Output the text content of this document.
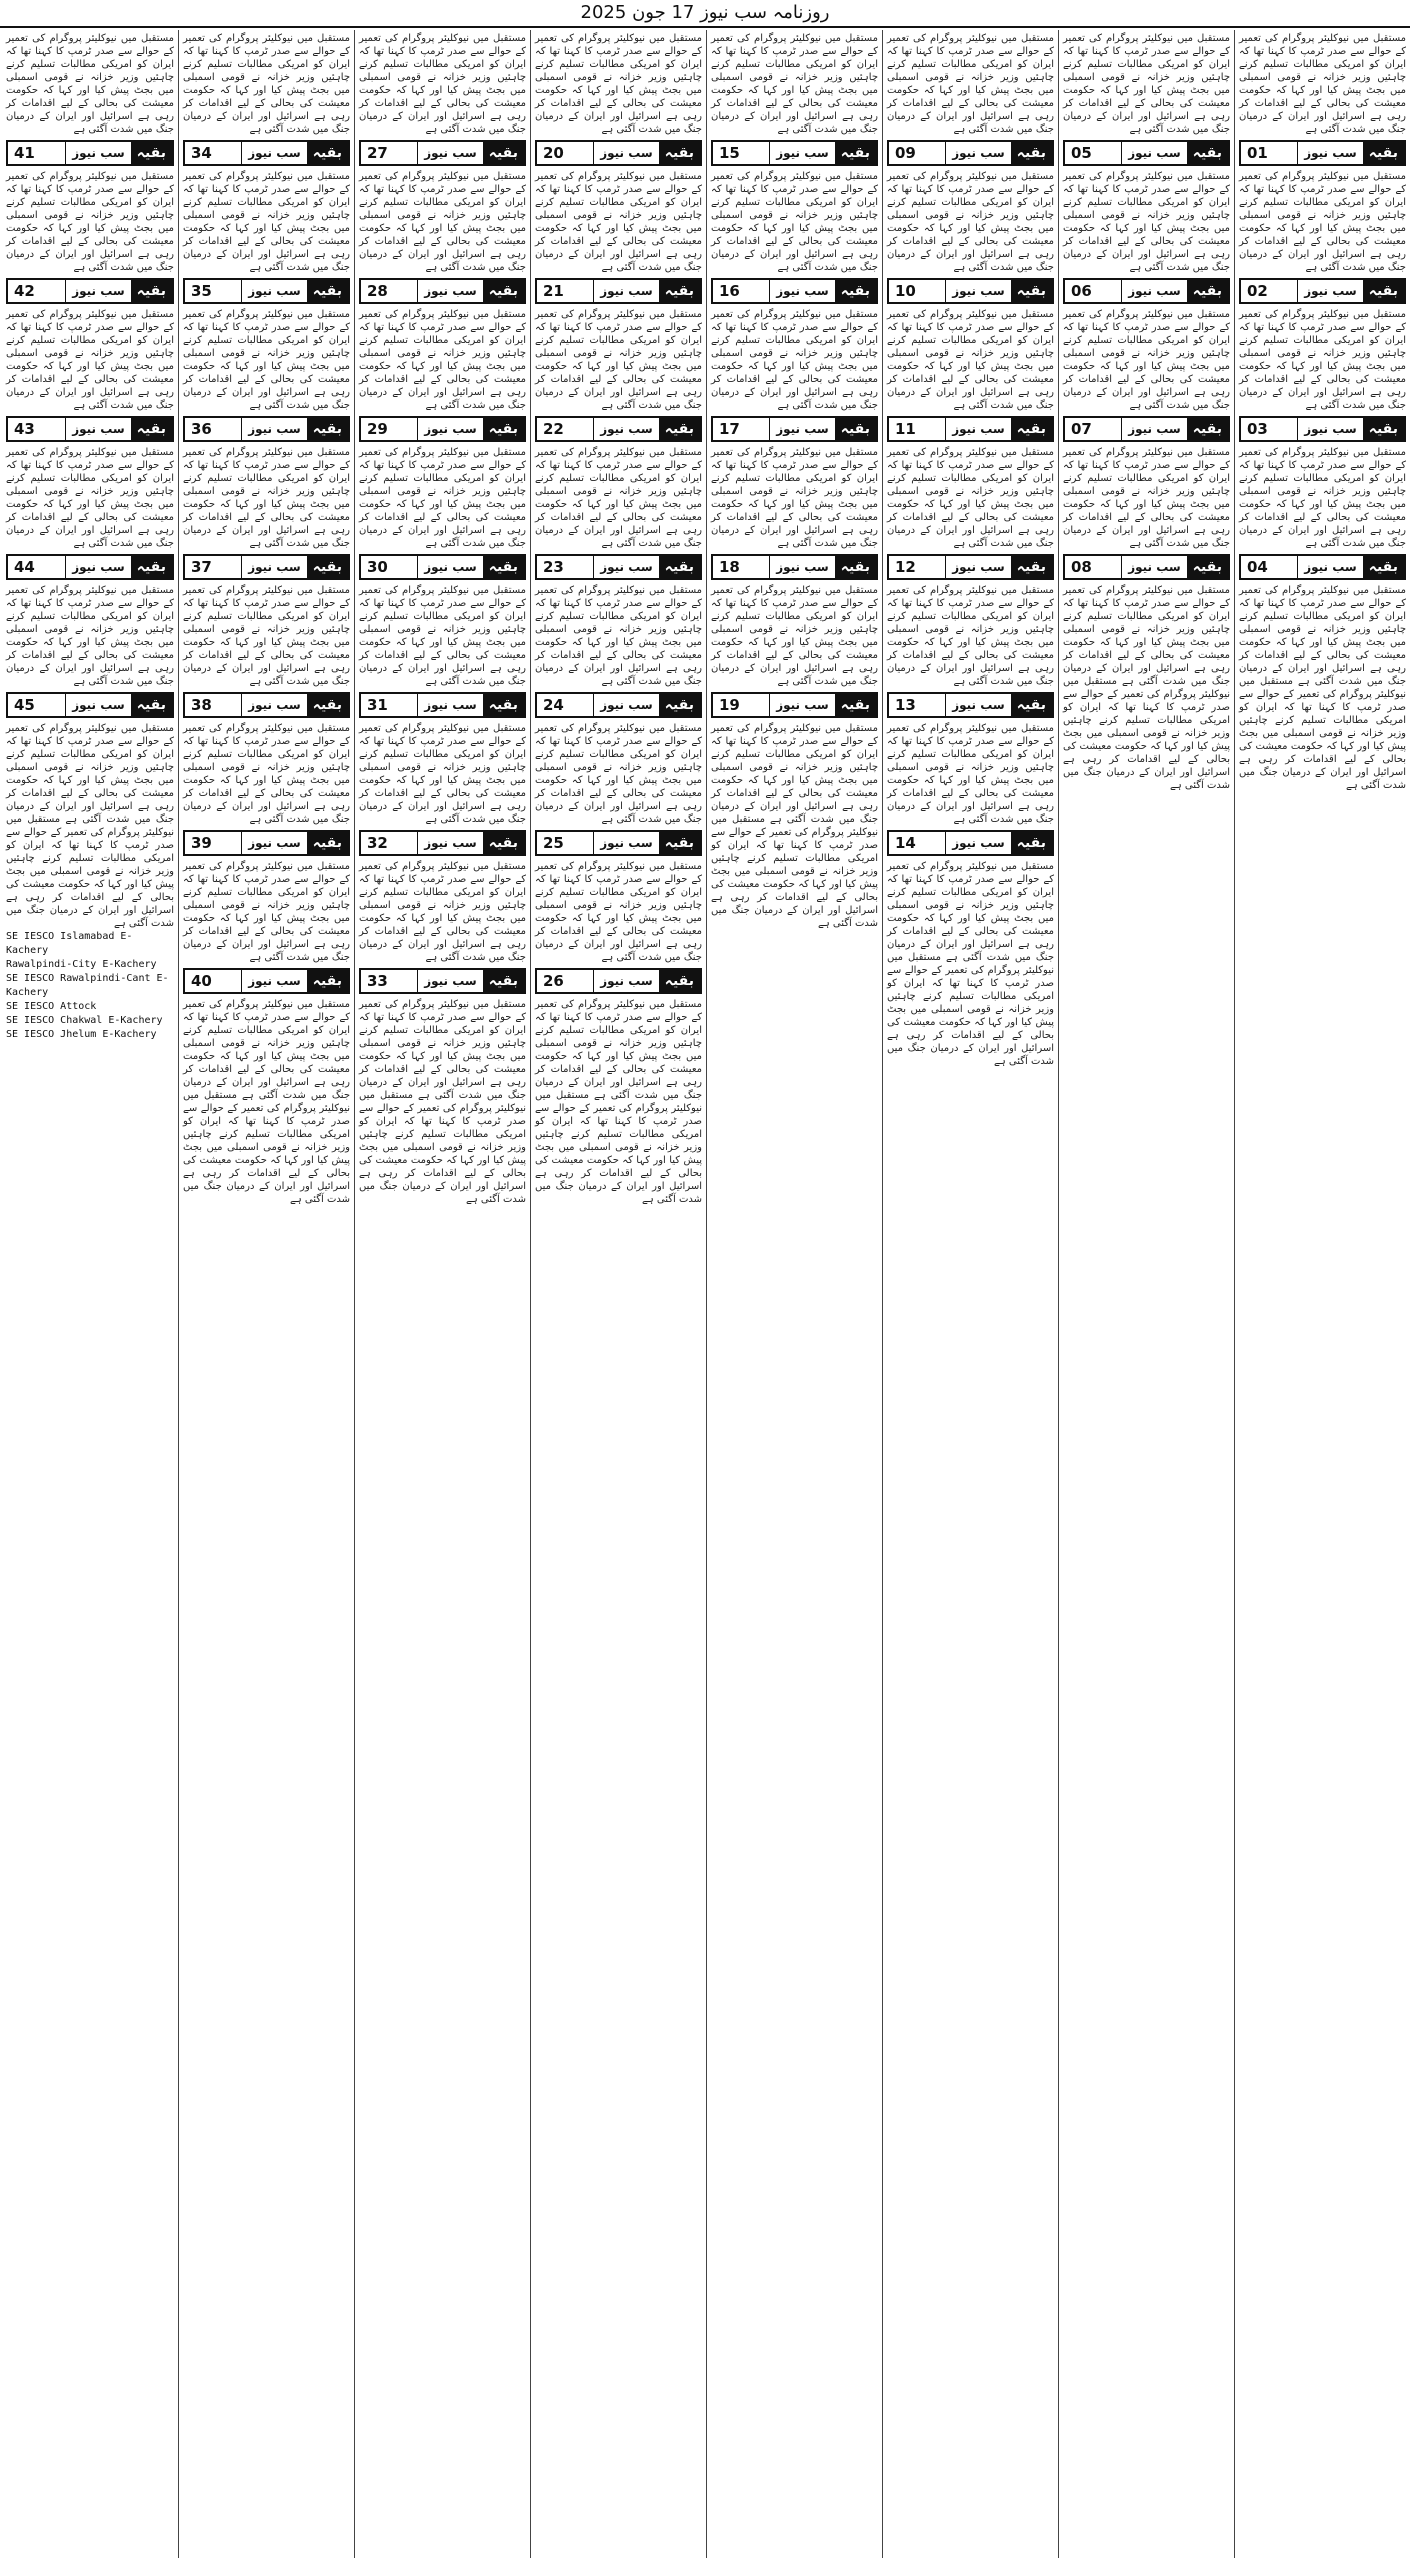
روزنامہ سب نیوز 17 جون 2025
مستقبل میں نیوکلیئر پروگرام کی تعمیر کے حوالے سے صدر ٹرمپ کا کہنا تھا کہ ایران کو امریکی مطالبات تسلیم کرنے چاہئیں وزیر خزانہ نے قومی اسمبلی میں بجٹ پیش کیا اور کہا کہ حکومت معیشت کی بحالی کے لیے اقدامات کر رہی ہے اسرائیل اور ایران کے درمیان جنگ میں شدت آگئی ہے
بقیہ
سب نیوز
01
مستقبل میں نیوکلیئر پروگرام کی تعمیر کے حوالے سے صدر ٹرمپ کا کہنا تھا کہ ایران کو امریکی مطالبات تسلیم کرنے چاہئیں وزیر خزانہ نے قومی اسمبلی میں بجٹ پیش کیا اور کہا کہ حکومت معیشت کی بحالی کے لیے اقدامات کر رہی ہے اسرائیل اور ایران کے درمیان جنگ میں شدت آگئی ہے
بقیہ
سب نیوز
02
مستقبل میں نیوکلیئر پروگرام کی تعمیر کے حوالے سے صدر ٹرمپ کا کہنا تھا کہ ایران کو امریکی مطالبات تسلیم کرنے چاہئیں وزیر خزانہ نے قومی اسمبلی میں بجٹ پیش کیا اور کہا کہ حکومت معیشت کی بحالی کے لیے اقدامات کر رہی ہے اسرائیل اور ایران کے درمیان جنگ میں شدت آگئی ہے
بقیہ
سب نیوز
03
مستقبل میں نیوکلیئر پروگرام کی تعمیر کے حوالے سے صدر ٹرمپ کا کہنا تھا کہ ایران کو امریکی مطالبات تسلیم کرنے چاہئیں وزیر خزانہ نے قومی اسمبلی میں بجٹ پیش کیا اور کہا کہ حکومت معیشت کی بحالی کے لیے اقدامات کر رہی ہے اسرائیل اور ایران کے درمیان جنگ میں شدت آگئی ہے
بقیہ
سب نیوز
04
مستقبل میں نیوکلیئر پروگرام کی تعمیر کے حوالے سے صدر ٹرمپ کا کہنا تھا کہ ایران کو امریکی مطالبات تسلیم کرنے چاہئیں وزیر خزانہ نے قومی اسمبلی میں بجٹ پیش کیا اور کہا کہ حکومت معیشت کی بحالی کے لیے اقدامات کر رہی ہے اسرائیل اور ایران کے درمیان جنگ میں شدت آگئی ہے مستقبل میں نیوکلیئر پروگرام کی تعمیر کے حوالے سے صدر ٹرمپ کا کہنا تھا کہ ایران کو امریکی مطالبات تسلیم کرنے چاہئیں وزیر خزانہ نے قومی اسمبلی میں بجٹ پیش کیا اور کہا کہ حکومت معیشت کی بحالی کے لیے اقدامات کر رہی ہے اسرائیل اور ایران کے درمیان جنگ میں شدت آگئی ہے
مستقبل میں نیوکلیئر پروگرام کی تعمیر کے حوالے سے صدر ٹرمپ کا کہنا تھا کہ ایران کو امریکی مطالبات تسلیم کرنے چاہئیں وزیر خزانہ نے قومی اسمبلی میں بجٹ پیش کیا اور کہا کہ حکومت معیشت کی بحالی کے لیے اقدامات کر رہی ہے اسرائیل اور ایران کے درمیان جنگ میں شدت آگئی ہے
بقیہ
سب نیوز
05
مستقبل میں نیوکلیئر پروگرام کی تعمیر کے حوالے سے صدر ٹرمپ کا کہنا تھا کہ ایران کو امریکی مطالبات تسلیم کرنے چاہئیں وزیر خزانہ نے قومی اسمبلی میں بجٹ پیش کیا اور کہا کہ حکومت معیشت کی بحالی کے لیے اقدامات کر رہی ہے اسرائیل اور ایران کے درمیان جنگ میں شدت آگئی ہے
بقیہ
سب نیوز
06
مستقبل میں نیوکلیئر پروگرام کی تعمیر کے حوالے سے صدر ٹرمپ کا کہنا تھا کہ ایران کو امریکی مطالبات تسلیم کرنے چاہئیں وزیر خزانہ نے قومی اسمبلی میں بجٹ پیش کیا اور کہا کہ حکومت معیشت کی بحالی کے لیے اقدامات کر رہی ہے اسرائیل اور ایران کے درمیان جنگ میں شدت آگئی ہے
بقیہ
سب نیوز
07
مستقبل میں نیوکلیئر پروگرام کی تعمیر کے حوالے سے صدر ٹرمپ کا کہنا تھا کہ ایران کو امریکی مطالبات تسلیم کرنے چاہئیں وزیر خزانہ نے قومی اسمبلی میں بجٹ پیش کیا اور کہا کہ حکومت معیشت کی بحالی کے لیے اقدامات کر رہی ہے اسرائیل اور ایران کے درمیان جنگ میں شدت آگئی ہے
بقیہ
سب نیوز
08
مستقبل میں نیوکلیئر پروگرام کی تعمیر کے حوالے سے صدر ٹرمپ کا کہنا تھا کہ ایران کو امریکی مطالبات تسلیم کرنے چاہئیں وزیر خزانہ نے قومی اسمبلی میں بجٹ پیش کیا اور کہا کہ حکومت معیشت کی بحالی کے لیے اقدامات کر رہی ہے اسرائیل اور ایران کے درمیان جنگ میں شدت آگئی ہے مستقبل میں نیوکلیئر پروگرام کی تعمیر کے حوالے سے صدر ٹرمپ کا کہنا تھا کہ ایران کو امریکی مطالبات تسلیم کرنے چاہئیں وزیر خزانہ نے قومی اسمبلی میں بجٹ پیش کیا اور کہا کہ حکومت معیشت کی بحالی کے لیے اقدامات کر رہی ہے اسرائیل اور ایران کے درمیان جنگ میں شدت آگئی ہے
مستقبل میں نیوکلیئر پروگرام کی تعمیر کے حوالے سے صدر ٹرمپ کا کہنا تھا کہ ایران کو امریکی مطالبات تسلیم کرنے چاہئیں وزیر خزانہ نے قومی اسمبلی میں بجٹ پیش کیا اور کہا کہ حکومت معیشت کی بحالی کے لیے اقدامات کر رہی ہے اسرائیل اور ایران کے درمیان جنگ میں شدت آگئی ہے
بقیہ
سب نیوز
09
مستقبل میں نیوکلیئر پروگرام کی تعمیر کے حوالے سے صدر ٹرمپ کا کہنا تھا کہ ایران کو امریکی مطالبات تسلیم کرنے چاہئیں وزیر خزانہ نے قومی اسمبلی میں بجٹ پیش کیا اور کہا کہ حکومت معیشت کی بحالی کے لیے اقدامات کر رہی ہے اسرائیل اور ایران کے درمیان جنگ میں شدت آگئی ہے
بقیہ
سب نیوز
10
مستقبل میں نیوکلیئر پروگرام کی تعمیر کے حوالے سے صدر ٹرمپ کا کہنا تھا کہ ایران کو امریکی مطالبات تسلیم کرنے چاہئیں وزیر خزانہ نے قومی اسمبلی میں بجٹ پیش کیا اور کہا کہ حکومت معیشت کی بحالی کے لیے اقدامات کر رہی ہے اسرائیل اور ایران کے درمیان جنگ میں شدت آگئی ہے
بقیہ
سب نیوز
11
مستقبل میں نیوکلیئر پروگرام کی تعمیر کے حوالے سے صدر ٹرمپ کا کہنا تھا کہ ایران کو امریکی مطالبات تسلیم کرنے چاہئیں وزیر خزانہ نے قومی اسمبلی میں بجٹ پیش کیا اور کہا کہ حکومت معیشت کی بحالی کے لیے اقدامات کر رہی ہے اسرائیل اور ایران کے درمیان جنگ میں شدت آگئی ہے
بقیہ
سب نیوز
12
مستقبل میں نیوکلیئر پروگرام کی تعمیر کے حوالے سے صدر ٹرمپ کا کہنا تھا کہ ایران کو امریکی مطالبات تسلیم کرنے چاہئیں وزیر خزانہ نے قومی اسمبلی میں بجٹ پیش کیا اور کہا کہ حکومت معیشت کی بحالی کے لیے اقدامات کر رہی ہے اسرائیل اور ایران کے درمیان جنگ میں شدت آگئی ہے
بقیہ
سب نیوز
13
مستقبل میں نیوکلیئر پروگرام کی تعمیر کے حوالے سے صدر ٹرمپ کا کہنا تھا کہ ایران کو امریکی مطالبات تسلیم کرنے چاہئیں وزیر خزانہ نے قومی اسمبلی میں بجٹ پیش کیا اور کہا کہ حکومت معیشت کی بحالی کے لیے اقدامات کر رہی ہے اسرائیل اور ایران کے درمیان جنگ میں شدت آگئی ہے
بقیہ
سب نیوز
14
مستقبل میں نیوکلیئر پروگرام کی تعمیر کے حوالے سے صدر ٹرمپ کا کہنا تھا کہ ایران کو امریکی مطالبات تسلیم کرنے چاہئیں وزیر خزانہ نے قومی اسمبلی میں بجٹ پیش کیا اور کہا کہ حکومت معیشت کی بحالی کے لیے اقدامات کر رہی ہے اسرائیل اور ایران کے درمیان جنگ میں شدت آگئی ہے مستقبل میں نیوکلیئر پروگرام کی تعمیر کے حوالے سے صدر ٹرمپ کا کہنا تھا کہ ایران کو امریکی مطالبات تسلیم کرنے چاہئیں وزیر خزانہ نے قومی اسمبلی میں بجٹ پیش کیا اور کہا کہ حکومت معیشت کی بحالی کے لیے اقدامات کر رہی ہے اسرائیل اور ایران کے درمیان جنگ میں شدت آگئی ہے
مستقبل میں نیوکلیئر پروگرام کی تعمیر کے حوالے سے صدر ٹرمپ کا کہنا تھا کہ ایران کو امریکی مطالبات تسلیم کرنے چاہئیں وزیر خزانہ نے قومی اسمبلی میں بجٹ پیش کیا اور کہا کہ حکومت معیشت کی بحالی کے لیے اقدامات کر رہی ہے اسرائیل اور ایران کے درمیان جنگ میں شدت آگئی ہے
بقیہ
سب نیوز
15
مستقبل میں نیوکلیئر پروگرام کی تعمیر کے حوالے سے صدر ٹرمپ کا کہنا تھا کہ ایران کو امریکی مطالبات تسلیم کرنے چاہئیں وزیر خزانہ نے قومی اسمبلی میں بجٹ پیش کیا اور کہا کہ حکومت معیشت کی بحالی کے لیے اقدامات کر رہی ہے اسرائیل اور ایران کے درمیان جنگ میں شدت آگئی ہے
بقیہ
سب نیوز
16
مستقبل میں نیوکلیئر پروگرام کی تعمیر کے حوالے سے صدر ٹرمپ کا کہنا تھا کہ ایران کو امریکی مطالبات تسلیم کرنے چاہئیں وزیر خزانہ نے قومی اسمبلی میں بجٹ پیش کیا اور کہا کہ حکومت معیشت کی بحالی کے لیے اقدامات کر رہی ہے اسرائیل اور ایران کے درمیان جنگ میں شدت آگئی ہے
بقیہ
سب نیوز
17
مستقبل میں نیوکلیئر پروگرام کی تعمیر کے حوالے سے صدر ٹرمپ کا کہنا تھا کہ ایران کو امریکی مطالبات تسلیم کرنے چاہئیں وزیر خزانہ نے قومی اسمبلی میں بجٹ پیش کیا اور کہا کہ حکومت معیشت کی بحالی کے لیے اقدامات کر رہی ہے اسرائیل اور ایران کے درمیان جنگ میں شدت آگئی ہے
بقیہ
سب نیوز
18
مستقبل میں نیوکلیئر پروگرام کی تعمیر کے حوالے سے صدر ٹرمپ کا کہنا تھا کہ ایران کو امریکی مطالبات تسلیم کرنے چاہئیں وزیر خزانہ نے قومی اسمبلی میں بجٹ پیش کیا اور کہا کہ حکومت معیشت کی بحالی کے لیے اقدامات کر رہی ہے اسرائیل اور ایران کے درمیان جنگ میں شدت آگئی ہے
بقیہ
سب نیوز
19
مستقبل میں نیوکلیئر پروگرام کی تعمیر کے حوالے سے صدر ٹرمپ کا کہنا تھا کہ ایران کو امریکی مطالبات تسلیم کرنے چاہئیں وزیر خزانہ نے قومی اسمبلی میں بجٹ پیش کیا اور کہا کہ حکومت معیشت کی بحالی کے لیے اقدامات کر رہی ہے اسرائیل اور ایران کے درمیان جنگ میں شدت آگئی ہے مستقبل میں نیوکلیئر پروگرام کی تعمیر کے حوالے سے صدر ٹرمپ کا کہنا تھا کہ ایران کو امریکی مطالبات تسلیم کرنے چاہئیں وزیر خزانہ نے قومی اسمبلی میں بجٹ پیش کیا اور کہا کہ حکومت معیشت کی بحالی کے لیے اقدامات کر رہی ہے اسرائیل اور ایران کے درمیان جنگ میں شدت آگئی ہے
مستقبل میں نیوکلیئر پروگرام کی تعمیر کے حوالے سے صدر ٹرمپ کا کہنا تھا کہ ایران کو امریکی مطالبات تسلیم کرنے چاہئیں وزیر خزانہ نے قومی اسمبلی میں بجٹ پیش کیا اور کہا کہ حکومت معیشت کی بحالی کے لیے اقدامات کر رہی ہے اسرائیل اور ایران کے درمیان جنگ میں شدت آگئی ہے
بقیہ
سب نیوز
20
مستقبل میں نیوکلیئر پروگرام کی تعمیر کے حوالے سے صدر ٹرمپ کا کہنا تھا کہ ایران کو امریکی مطالبات تسلیم کرنے چاہئیں وزیر خزانہ نے قومی اسمبلی میں بجٹ پیش کیا اور کہا کہ حکومت معیشت کی بحالی کے لیے اقدامات کر رہی ہے اسرائیل اور ایران کے درمیان جنگ میں شدت آگئی ہے
بقیہ
سب نیوز
21
مستقبل میں نیوکلیئر پروگرام کی تعمیر کے حوالے سے صدر ٹرمپ کا کہنا تھا کہ ایران کو امریکی مطالبات تسلیم کرنے چاہئیں وزیر خزانہ نے قومی اسمبلی میں بجٹ پیش کیا اور کہا کہ حکومت معیشت کی بحالی کے لیے اقدامات کر رہی ہے اسرائیل اور ایران کے درمیان جنگ میں شدت آگئی ہے
بقیہ
سب نیوز
22
مستقبل میں نیوکلیئر پروگرام کی تعمیر کے حوالے سے صدر ٹرمپ کا کہنا تھا کہ ایران کو امریکی مطالبات تسلیم کرنے چاہئیں وزیر خزانہ نے قومی اسمبلی میں بجٹ پیش کیا اور کہا کہ حکومت معیشت کی بحالی کے لیے اقدامات کر رہی ہے اسرائیل اور ایران کے درمیان جنگ میں شدت آگئی ہے
بقیہ
سب نیوز
23
مستقبل میں نیوکلیئر پروگرام کی تعمیر کے حوالے سے صدر ٹرمپ کا کہنا تھا کہ ایران کو امریکی مطالبات تسلیم کرنے چاہئیں وزیر خزانہ نے قومی اسمبلی میں بجٹ پیش کیا اور کہا کہ حکومت معیشت کی بحالی کے لیے اقدامات کر رہی ہے اسرائیل اور ایران کے درمیان جنگ میں شدت آگئی ہے
بقیہ
سب نیوز
24
مستقبل میں نیوکلیئر پروگرام کی تعمیر کے حوالے سے صدر ٹرمپ کا کہنا تھا کہ ایران کو امریکی مطالبات تسلیم کرنے چاہئیں وزیر خزانہ نے قومی اسمبلی میں بجٹ پیش کیا اور کہا کہ حکومت معیشت کی بحالی کے لیے اقدامات کر رہی ہے اسرائیل اور ایران کے درمیان جنگ میں شدت آگئی ہے
بقیہ
سب نیوز
25
مستقبل میں نیوکلیئر پروگرام کی تعمیر کے حوالے سے صدر ٹرمپ کا کہنا تھا کہ ایران کو امریکی مطالبات تسلیم کرنے چاہئیں وزیر خزانہ نے قومی اسمبلی میں بجٹ پیش کیا اور کہا کہ حکومت معیشت کی بحالی کے لیے اقدامات کر رہی ہے اسرائیل اور ایران کے درمیان جنگ میں شدت آگئی ہے
بقیہ
سب نیوز
26
مستقبل میں نیوکلیئر پروگرام کی تعمیر کے حوالے سے صدر ٹرمپ کا کہنا تھا کہ ایران کو امریکی مطالبات تسلیم کرنے چاہئیں وزیر خزانہ نے قومی اسمبلی میں بجٹ پیش کیا اور کہا کہ حکومت معیشت کی بحالی کے لیے اقدامات کر رہی ہے اسرائیل اور ایران کے درمیان جنگ میں شدت آگئی ہے مستقبل میں نیوکلیئر پروگرام کی تعمیر کے حوالے سے صدر ٹرمپ کا کہنا تھا کہ ایران کو امریکی مطالبات تسلیم کرنے چاہئیں وزیر خزانہ نے قومی اسمبلی میں بجٹ پیش کیا اور کہا کہ حکومت معیشت کی بحالی کے لیے اقدامات کر رہی ہے اسرائیل اور ایران کے درمیان جنگ میں شدت آگئی ہے
مستقبل میں نیوکلیئر پروگرام کی تعمیر کے حوالے سے صدر ٹرمپ کا کہنا تھا کہ ایران کو امریکی مطالبات تسلیم کرنے چاہئیں وزیر خزانہ نے قومی اسمبلی میں بجٹ پیش کیا اور کہا کہ حکومت معیشت کی بحالی کے لیے اقدامات کر رہی ہے اسرائیل اور ایران کے درمیان جنگ میں شدت آگئی ہے
بقیہ
سب نیوز
27
مستقبل میں نیوکلیئر پروگرام کی تعمیر کے حوالے سے صدر ٹرمپ کا کہنا تھا کہ ایران کو امریکی مطالبات تسلیم کرنے چاہئیں وزیر خزانہ نے قومی اسمبلی میں بجٹ پیش کیا اور کہا کہ حکومت معیشت کی بحالی کے لیے اقدامات کر رہی ہے اسرائیل اور ایران کے درمیان جنگ میں شدت آگئی ہے
بقیہ
سب نیوز
28
مستقبل میں نیوکلیئر پروگرام کی تعمیر کے حوالے سے صدر ٹرمپ کا کہنا تھا کہ ایران کو امریکی مطالبات تسلیم کرنے چاہئیں وزیر خزانہ نے قومی اسمبلی میں بجٹ پیش کیا اور کہا کہ حکومت معیشت کی بحالی کے لیے اقدامات کر رہی ہے اسرائیل اور ایران کے درمیان جنگ میں شدت آگئی ہے
بقیہ
سب نیوز
29
مستقبل میں نیوکلیئر پروگرام کی تعمیر کے حوالے سے صدر ٹرمپ کا کہنا تھا کہ ایران کو امریکی مطالبات تسلیم کرنے چاہئیں وزیر خزانہ نے قومی اسمبلی میں بجٹ پیش کیا اور کہا کہ حکومت معیشت کی بحالی کے لیے اقدامات کر رہی ہے اسرائیل اور ایران کے درمیان جنگ میں شدت آگئی ہے
بقیہ
سب نیوز
30
مستقبل میں نیوکلیئر پروگرام کی تعمیر کے حوالے سے صدر ٹرمپ کا کہنا تھا کہ ایران کو امریکی مطالبات تسلیم کرنے چاہئیں وزیر خزانہ نے قومی اسمبلی میں بجٹ پیش کیا اور کہا کہ حکومت معیشت کی بحالی کے لیے اقدامات کر رہی ہے اسرائیل اور ایران کے درمیان جنگ میں شدت آگئی ہے
بقیہ
سب نیوز
31
مستقبل میں نیوکلیئر پروگرام کی تعمیر کے حوالے سے صدر ٹرمپ کا کہنا تھا کہ ایران کو امریکی مطالبات تسلیم کرنے چاہئیں وزیر خزانہ نے قومی اسمبلی میں بجٹ پیش کیا اور کہا کہ حکومت معیشت کی بحالی کے لیے اقدامات کر رہی ہے اسرائیل اور ایران کے درمیان جنگ میں شدت آگئی ہے
بقیہ
سب نیوز
32
مستقبل میں نیوکلیئر پروگرام کی تعمیر کے حوالے سے صدر ٹرمپ کا کہنا تھا کہ ایران کو امریکی مطالبات تسلیم کرنے چاہئیں وزیر خزانہ نے قومی اسمبلی میں بجٹ پیش کیا اور کہا کہ حکومت معیشت کی بحالی کے لیے اقدامات کر رہی ہے اسرائیل اور ایران کے درمیان جنگ میں شدت آگئی ہے
بقیہ
سب نیوز
33
مستقبل میں نیوکلیئر پروگرام کی تعمیر کے حوالے سے صدر ٹرمپ کا کہنا تھا کہ ایران کو امریکی مطالبات تسلیم کرنے چاہئیں وزیر خزانہ نے قومی اسمبلی میں بجٹ پیش کیا اور کہا کہ حکومت معیشت کی بحالی کے لیے اقدامات کر رہی ہے اسرائیل اور ایران کے درمیان جنگ میں شدت آگئی ہے مستقبل میں نیوکلیئر پروگرام کی تعمیر کے حوالے سے صدر ٹرمپ کا کہنا تھا کہ ایران کو امریکی مطالبات تسلیم کرنے چاہئیں وزیر خزانہ نے قومی اسمبلی میں بجٹ پیش کیا اور کہا کہ حکومت معیشت کی بحالی کے لیے اقدامات کر رہی ہے اسرائیل اور ایران کے درمیان جنگ میں شدت آگئی ہے
مستقبل میں نیوکلیئر پروگرام کی تعمیر کے حوالے سے صدر ٹرمپ کا کہنا تھا کہ ایران کو امریکی مطالبات تسلیم کرنے چاہئیں وزیر خزانہ نے قومی اسمبلی میں بجٹ پیش کیا اور کہا کہ حکومت معیشت کی بحالی کے لیے اقدامات کر رہی ہے اسرائیل اور ایران کے درمیان جنگ میں شدت آگئی ہے
بقیہ
سب نیوز
34
مستقبل میں نیوکلیئر پروگرام کی تعمیر کے حوالے سے صدر ٹرمپ کا کہنا تھا کہ ایران کو امریکی مطالبات تسلیم کرنے چاہئیں وزیر خزانہ نے قومی اسمبلی میں بجٹ پیش کیا اور کہا کہ حکومت معیشت کی بحالی کے لیے اقدامات کر رہی ہے اسرائیل اور ایران کے درمیان جنگ میں شدت آگئی ہے
بقیہ
سب نیوز
35
مستقبل میں نیوکلیئر پروگرام کی تعمیر کے حوالے سے صدر ٹرمپ کا کہنا تھا کہ ایران کو امریکی مطالبات تسلیم کرنے چاہئیں وزیر خزانہ نے قومی اسمبلی میں بجٹ پیش کیا اور کہا کہ حکومت معیشت کی بحالی کے لیے اقدامات کر رہی ہے اسرائیل اور ایران کے درمیان جنگ میں شدت آگئی ہے
بقیہ
سب نیوز
36
مستقبل میں نیوکلیئر پروگرام کی تعمیر کے حوالے سے صدر ٹرمپ کا کہنا تھا کہ ایران کو امریکی مطالبات تسلیم کرنے چاہئیں وزیر خزانہ نے قومی اسمبلی میں بجٹ پیش کیا اور کہا کہ حکومت معیشت کی بحالی کے لیے اقدامات کر رہی ہے اسرائیل اور ایران کے درمیان جنگ میں شدت آگئی ہے
بقیہ
سب نیوز
37
مستقبل میں نیوکلیئر پروگرام کی تعمیر کے حوالے سے صدر ٹرمپ کا کہنا تھا کہ ایران کو امریکی مطالبات تسلیم کرنے چاہئیں وزیر خزانہ نے قومی اسمبلی میں بجٹ پیش کیا اور کہا کہ حکومت معیشت کی بحالی کے لیے اقدامات کر رہی ہے اسرائیل اور ایران کے درمیان جنگ میں شدت آگئی ہے
بقیہ
سب نیوز
38
مستقبل میں نیوکلیئر پروگرام کی تعمیر کے حوالے سے صدر ٹرمپ کا کہنا تھا کہ ایران کو امریکی مطالبات تسلیم کرنے چاہئیں وزیر خزانہ نے قومی اسمبلی میں بجٹ پیش کیا اور کہا کہ حکومت معیشت کی بحالی کے لیے اقدامات کر رہی ہے اسرائیل اور ایران کے درمیان جنگ میں شدت آگئی ہے
بقیہ
سب نیوز
39
مستقبل میں نیوکلیئر پروگرام کی تعمیر کے حوالے سے صدر ٹرمپ کا کہنا تھا کہ ایران کو امریکی مطالبات تسلیم کرنے چاہئیں وزیر خزانہ نے قومی اسمبلی میں بجٹ پیش کیا اور کہا کہ حکومت معیشت کی بحالی کے لیے اقدامات کر رہی ہے اسرائیل اور ایران کے درمیان جنگ میں شدت آگئی ہے
بقیہ
سب نیوز
40
مستقبل میں نیوکلیئر پروگرام کی تعمیر کے حوالے سے صدر ٹرمپ کا کہنا تھا کہ ایران کو امریکی مطالبات تسلیم کرنے چاہئیں وزیر خزانہ نے قومی اسمبلی میں بجٹ پیش کیا اور کہا کہ حکومت معیشت کی بحالی کے لیے اقدامات کر رہی ہے اسرائیل اور ایران کے درمیان جنگ میں شدت آگئی ہے مستقبل میں نیوکلیئر پروگرام کی تعمیر کے حوالے سے صدر ٹرمپ کا کہنا تھا کہ ایران کو امریکی مطالبات تسلیم کرنے چاہئیں وزیر خزانہ نے قومی اسمبلی میں بجٹ پیش کیا اور کہا کہ حکومت معیشت کی بحالی کے لیے اقدامات کر رہی ہے اسرائیل اور ایران کے درمیان جنگ میں شدت آگئی ہے
مستقبل میں نیوکلیئر پروگرام کی تعمیر کے حوالے سے صدر ٹرمپ کا کہنا تھا کہ ایران کو امریکی مطالبات تسلیم کرنے چاہئیں وزیر خزانہ نے قومی اسمبلی میں بجٹ پیش کیا اور کہا کہ حکومت معیشت کی بحالی کے لیے اقدامات کر رہی ہے اسرائیل اور ایران کے درمیان جنگ میں شدت آگئی ہے
بقیہ
سب نیوز
41
مستقبل میں نیوکلیئر پروگرام کی تعمیر کے حوالے سے صدر ٹرمپ کا کہنا تھا کہ ایران کو امریکی مطالبات تسلیم کرنے چاہئیں وزیر خزانہ نے قومی اسمبلی میں بجٹ پیش کیا اور کہا کہ حکومت معیشت کی بحالی کے لیے اقدامات کر رہی ہے اسرائیل اور ایران کے درمیان جنگ میں شدت آگئی ہے
بقیہ
سب نیوز
42
مستقبل میں نیوکلیئر پروگرام کی تعمیر کے حوالے سے صدر ٹرمپ کا کہنا تھا کہ ایران کو امریکی مطالبات تسلیم کرنے چاہئیں وزیر خزانہ نے قومی اسمبلی میں بجٹ پیش کیا اور کہا کہ حکومت معیشت کی بحالی کے لیے اقدامات کر رہی ہے اسرائیل اور ایران کے درمیان جنگ میں شدت آگئی ہے
بقیہ
سب نیوز
43
مستقبل میں نیوکلیئر پروگرام کی تعمیر کے حوالے سے صدر ٹرمپ کا کہنا تھا کہ ایران کو امریکی مطالبات تسلیم کرنے چاہئیں وزیر خزانہ نے قومی اسمبلی میں بجٹ پیش کیا اور کہا کہ حکومت معیشت کی بحالی کے لیے اقدامات کر رہی ہے اسرائیل اور ایران کے درمیان جنگ میں شدت آگئی ہے
بقیہ
سب نیوز
44
مستقبل میں نیوکلیئر پروگرام کی تعمیر کے حوالے سے صدر ٹرمپ کا کہنا تھا کہ ایران کو امریکی مطالبات تسلیم کرنے چاہئیں وزیر خزانہ نے قومی اسمبلی میں بجٹ پیش کیا اور کہا کہ حکومت معیشت کی بحالی کے لیے اقدامات کر رہی ہے اسرائیل اور ایران کے درمیان جنگ میں شدت آگئی ہے
بقیہ
سب نیوز
45
مستقبل میں نیوکلیئر پروگرام کی تعمیر کے حوالے سے صدر ٹرمپ کا کہنا تھا کہ ایران کو امریکی مطالبات تسلیم کرنے چاہئیں وزیر خزانہ نے قومی اسمبلی میں بجٹ پیش کیا اور کہا کہ حکومت معیشت کی بحالی کے لیے اقدامات کر رہی ہے اسرائیل اور ایران کے درمیان جنگ میں شدت آگئی ہے مستقبل میں نیوکلیئر پروگرام کی تعمیر کے حوالے سے صدر ٹرمپ کا کہنا تھا کہ ایران کو امریکی مطالبات تسلیم کرنے چاہئیں وزیر خزانہ نے قومی اسمبلی میں بجٹ پیش کیا اور کہا کہ حکومت معیشت کی بحالی کے لیے اقدامات کر رہی ہے اسرائیل اور ایران کے درمیان جنگ میں شدت آگئی ہے
SE IESCO Islamabad E-Kachery
Rawalpindi-City E-Kachery
SE IESCO Rawalpindi-Cant E-Kachery
SE IESCO Attock
SE IESCO Chakwal E-Kachery
SE IESCO Jhelum E-Kachery
